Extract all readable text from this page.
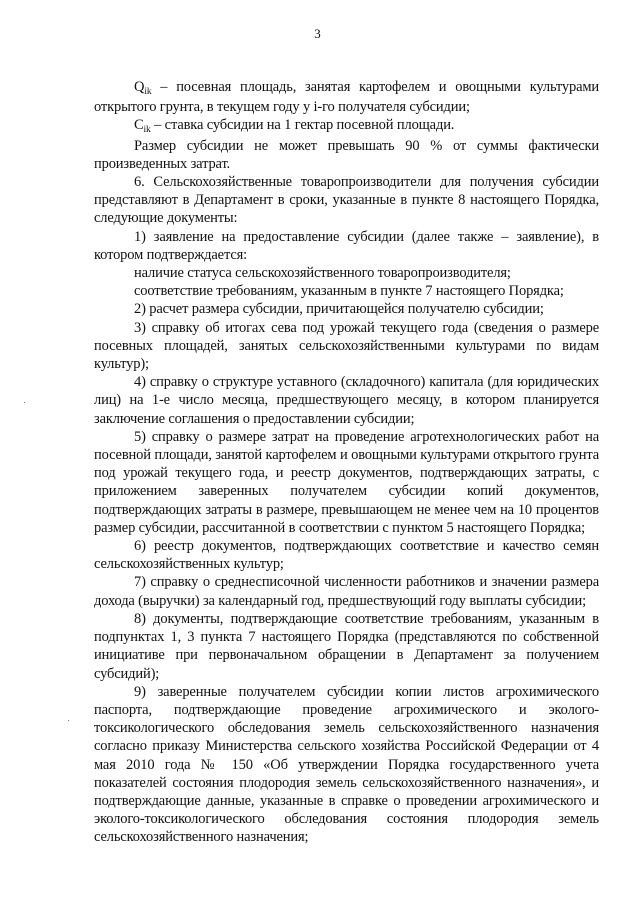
3

$Q_{ik}$ – посевная площадь, занятая картофелем и овощными культурами открытого грунта, в текущем году у i-го получателя субсидии;

$C_{ik}$ – ставка субсидии на 1 гектар посевной площади.

Размер субсидии не может превышать 90 % от суммы фактически произведенных затрат.

6. Сельскохозяйственные товаропроизводители для получения субсидии представляют в Департамент в сроки, указанные в пункте 8 настоящего Порядка, следующие документы:

1) заявление на предоставление субсидии (далее также – заявление), в котором подтверждается:

наличие статуса сельскохозяйственного товаропроизводителя;

соответствие требованиям, указанным в пункте 7 настоящего Порядка;

2) расчет размера субсидии, причитающейся получателю субсидии;

3) справку об итогах сева под урожай текущего года (сведения о размере посевных площадей, занятых сельскохозяйственными культурами по видам культур);

4) справку о структуре уставного (складочного) капитала (для юридических лиц) на 1-е число месяца, предшествующего месяцу, в котором планируется заключение соглашения о предоставлении субсидии;

5) справку о размере затрат на проведение агротехнологических работ на посевной площади, занятой картофелем и овощными культурами открытого грунта под урожай текущего года, и реестр документов, подтверждающих затраты, с приложением заверенных получателем субсидии копий документов, подтверждающих затраты в размере, превышающем не менее чем на 10 процентов размер субсидии, рассчитанной в соответствии с пунктом 5 настоящего Порядка;

6) реестр документов, подтверждающих соответствие и качество семян сельскохозяйственных культур;

7) справку о среднесписочной численности работников и значении размера дохода (выручки) за календарный год, предшествующий году выплаты субсидии;

8) документы, подтверждающие соответствие требованиям, указанным в подпунктах 1, 3 пункта 7 настоящего Порядка (представляются по собственной инициативе при первоначальном обращении в Департамент за получением субсидий);

9) заверенные получателем субсидии копии листов агрохимического паспорта, подтверждающие проведение агрохимического и эколого-токсикологического обследования земель сельскохозяйственного назначения согласно приказу Министерства сельского хозяйства Российской Федерации от 4 мая 2010 года № 150 «Об утверждении Порядка государственного учета показателей состояния плодородия земель сельскохозяйственного назначения», и подтверждающие данные, указанные в справке о проведении агрохимического и эколого-токсикологического обследования состояния плодородия земель сельскохозяйственного назначения;
